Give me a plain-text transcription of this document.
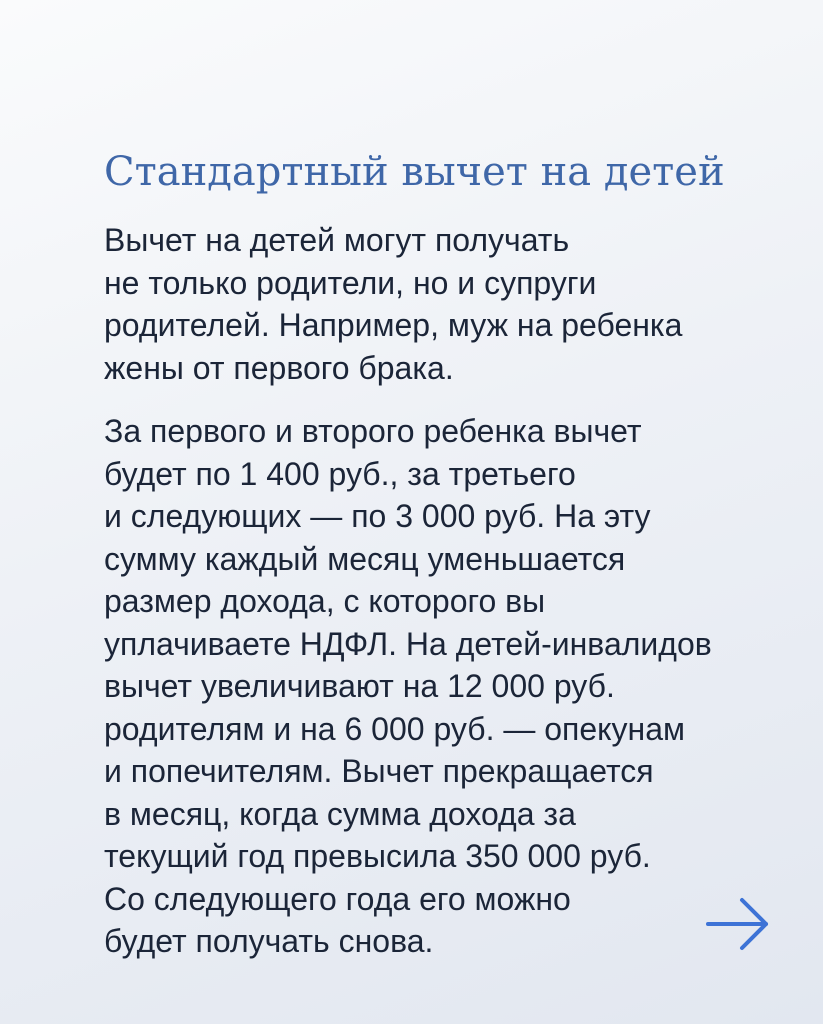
Стандартный вычет на детей

Вычет на детей могут получать
не только родители, но и супруги
родителей. Например, муж на ребенка
жены от первого брака.

За первого и второго ребенка вычет
будет по 1 400 руб., за третьего
и следующих — по 3 000 руб. На эту
сумму каждый месяц уменьшается
размер дохода, с которого вы
уплачиваете НДФЛ. На детей-инвалидов
вычет увеличивают на 12 000 руб.
родителям и на 6 000 руб. — опекунам
и попечителям. Вычет прекращается
в месяц, когда сумма дохода за
текущий год превысила 350 000 руб.
Со следующего года его можно
будет получать снова.
